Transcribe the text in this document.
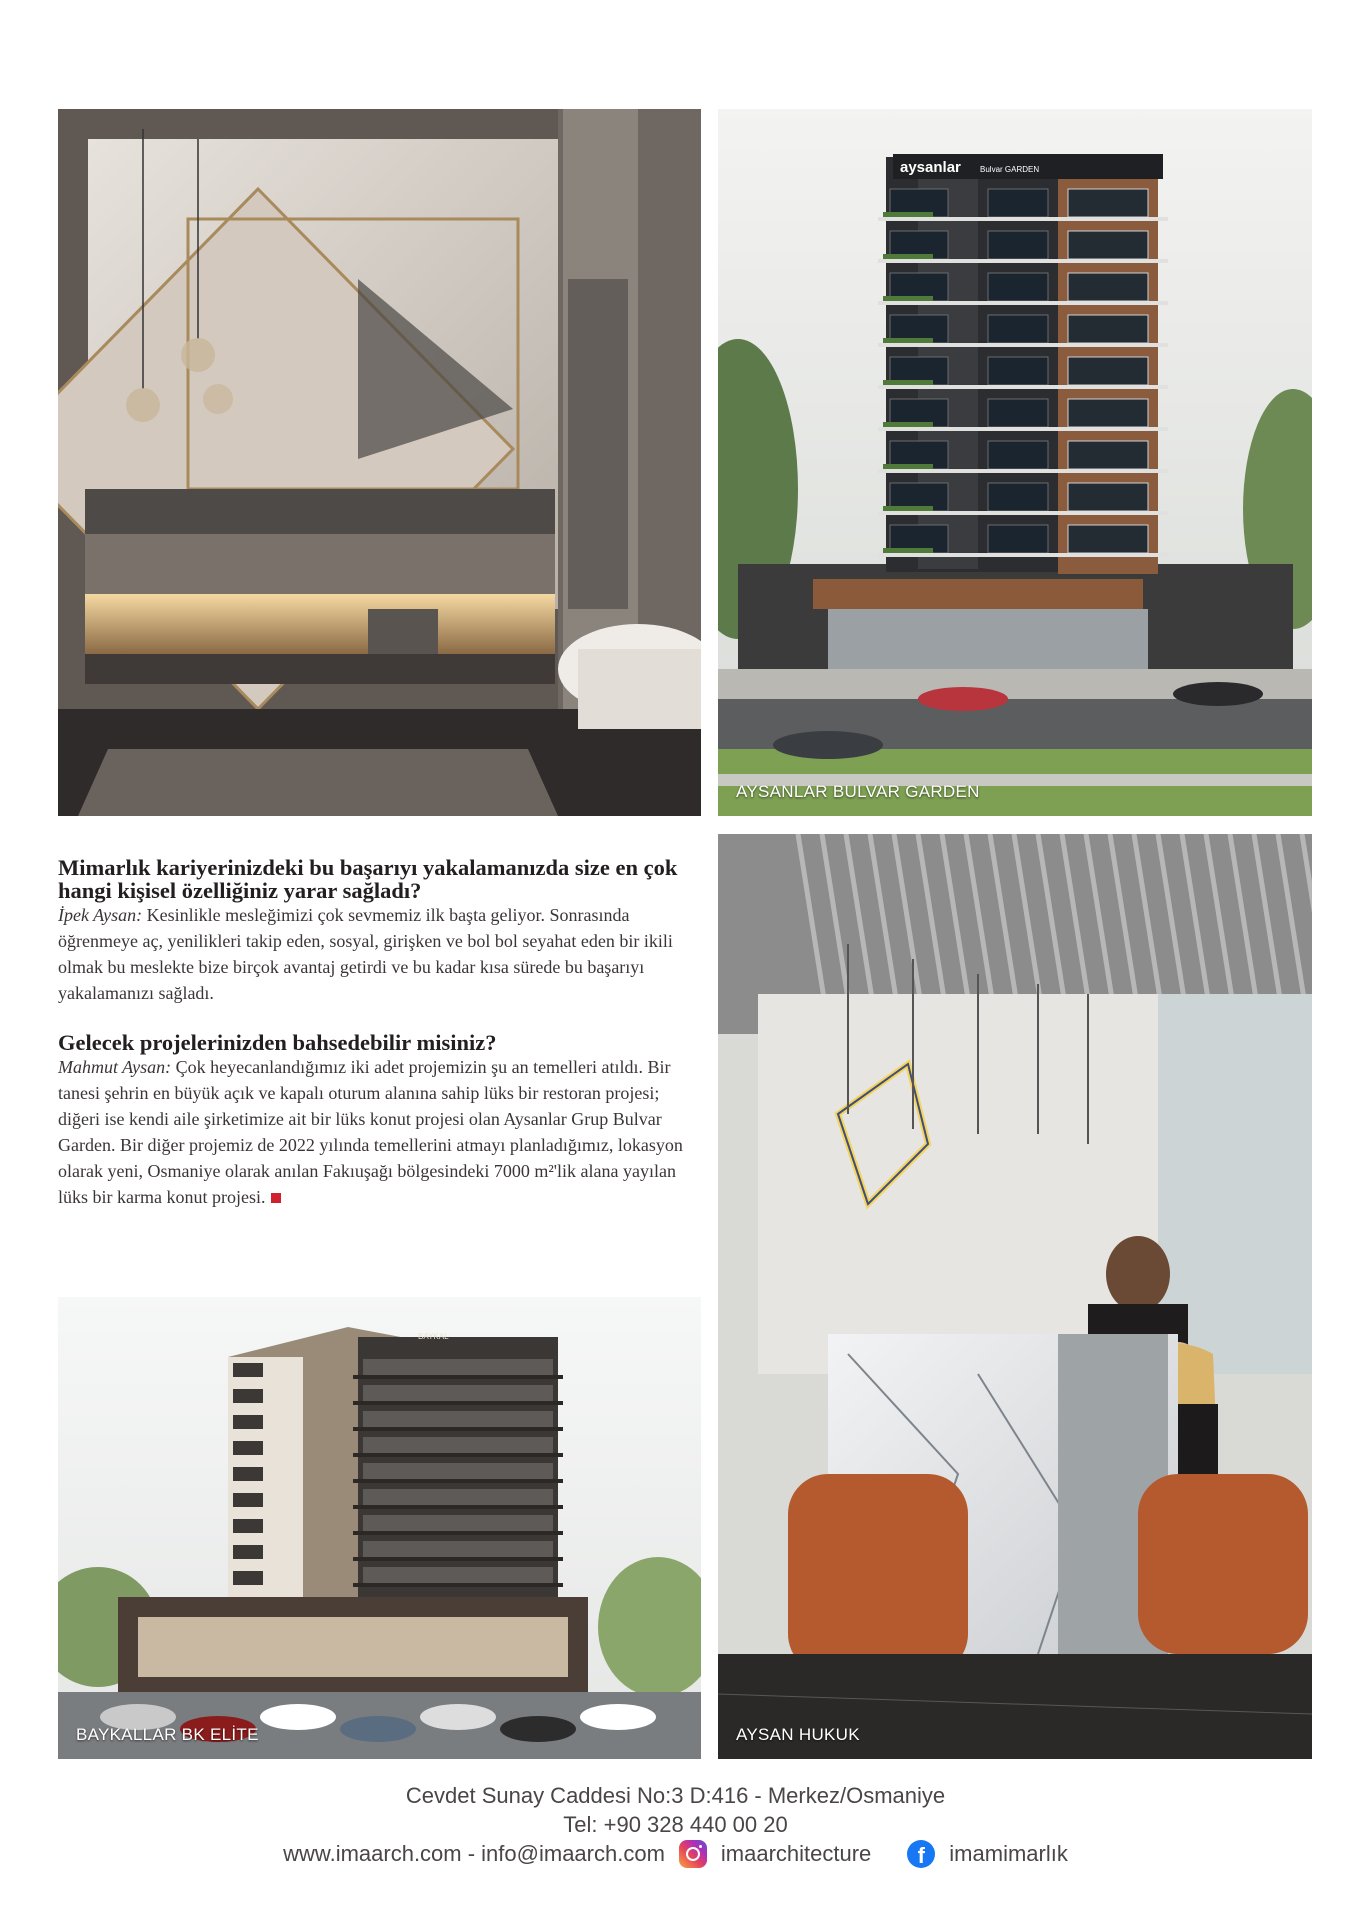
aysanlar Bulvar GARDEN
AYSANLAR BULVAR GARDEN

Mimarlık kariyerinizdeki bu başarıyı yakalamanızda size en çok hangi kişisel özelliğiniz yarar sağladı?

İpek Aysan: Kesinlikle mesleğimizi çok sevmemiz ilk başta geliyor. Sonrasında öğrenmeye aç, yenilikleri takip eden, sosyal, girişken ve bol bol seyahat eden bir ikili olmak bu meslekte bize birçok avantaj getirdi ve bu kadar kısa sürede bu başarıyı yakalamanızı sağladı.

Gelecek projelerinizden bahsedebilir misiniz?

Mahmut Aysan: Çok heyecanlandığımız iki adet projemizin şu an temelleri atıldı. Bir tanesi şehrin en büyük açık ve kapalı oturum alanına sahip lüks bir restoran projesi; diğeri ise kendi aile şirketimize ait bir lüks konut projesi olan Aysanlar Grup Bulvar Garden. Bir diğer projemiz de 2022 yılında temellerini atmayı planladığımız, lokasyon olarak yeni, Osmaniye olarak anılan Fakıuşağı bölgesindeki 7000 m²'lik alana yayılan lüks bir karma konut projesi.

AYSAN HUKUK
BAYKAL
BAYKALLAR BK ELİTE
Cevdet Sunay Caddesi No:3 D:416 - Merkez/Osmaniye
Tel: +90 328 440 00 20
www.imaarch.com - info@imaarch.com	imaarchitecture	f	imamimarlık
